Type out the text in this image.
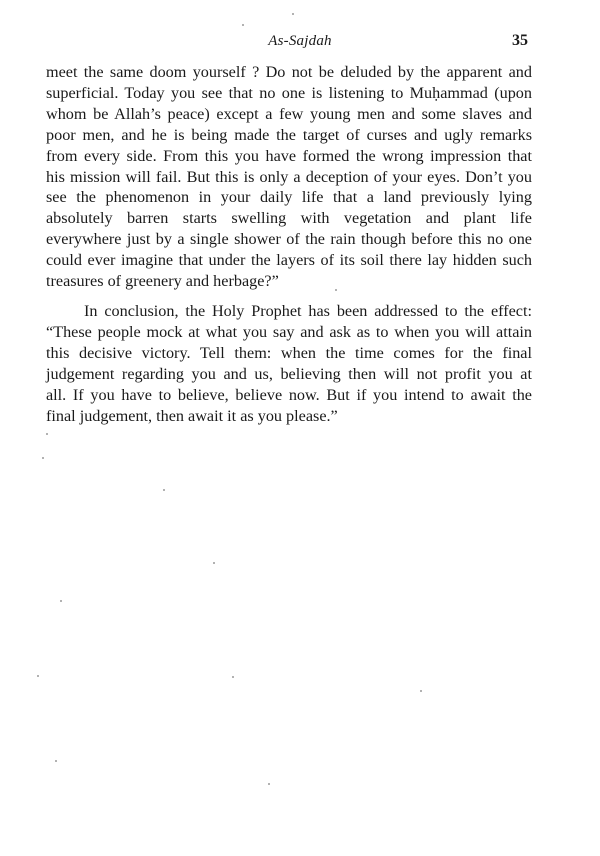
As-Sajdah	35
meet the same doom yourself ? Do not be deluded by the apparent and
superficial. Today you see that no one is listening to Muḥammad (upon
whom be Allah’s peace) except a few young men and some slaves and
poor men, and he is being made the target of curses and ugly remarks
from every side. From this you have formed the wrong impression that
his mission will fail. But this is only a deception of your eyes. Don’t you
see the phenomenon in your daily life that a land previously lying
absolutely barren starts swelling with vegetation and plant life
everywhere just by a single shower of the rain though before this no one
could ever imagine that under the layers of its soil there lay hidden such
treasures of greenery and herbage?”
In conclusion, the Holy Prophet has been addressed to the effect:
“These people mock at what you say and ask as to when you will attain
this decisive victory. Tell them: when the time comes for the final
judgement regarding you and us, believing then will not profit you at
all. If you have to believe, believe now. But if you intend to await the
final judgement, then await it as you please.”
